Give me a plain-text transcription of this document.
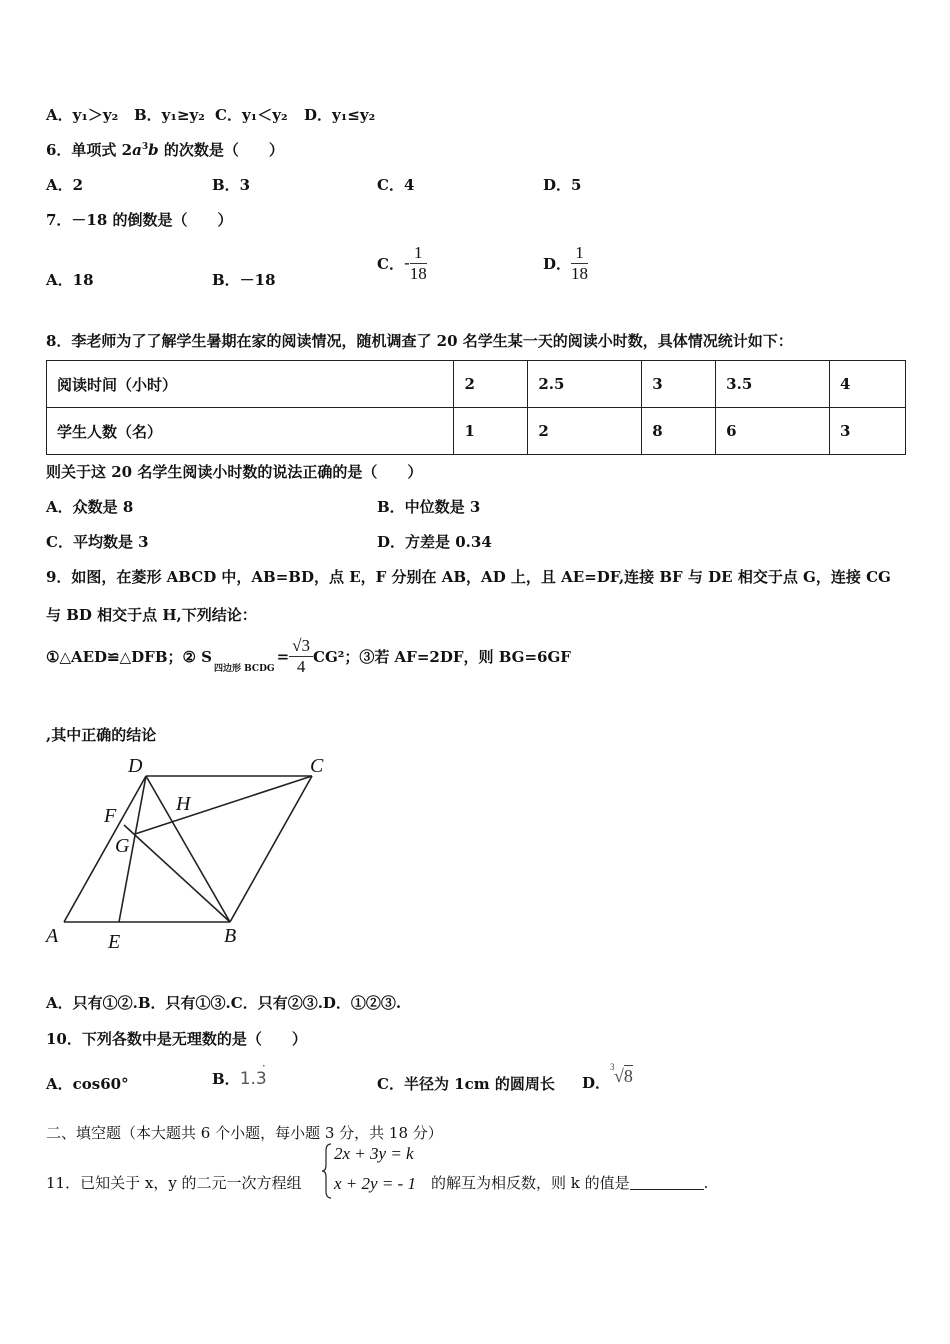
A．y₁＞y₂ B．y₁≥y₂ C．y₁＜y₂ D．y₁≤y₂
6．单项式 $2a^3b$ 的次数是（　　）
A．2	B．3	C．4	D．5
7．－18 的倒数是（　　）
A．18	B．－18
C．- $\frac{1}{18}$	D． $\frac{1}{18}$
8．李老师为了了解学生暑期在家的阅读情况，随机调查了 20 名学生某一天的阅读小时数，具体情况统计如下：
阅读时间（小时）	2	2.5	3	3.5	4
学生人数（名）	1	2	8	6	3
则关于这 20 名学生阅读小时数的说法正确的是（　　）
A．众数是 8	B．中位数是 3
C．平均数是 3	D．方差是 0.34
9．如图，在菱形 ABCD 中，AB=BD，点 E，F 分别在 AB，AD 上，且 AE=DF,连接 BF 与 DE 相交于点 G，连接 CG
与 BD 相交于点 H,下列结论：
①△AED≌△DFB；② $S_{四边形 BCDG}= \frac{√3}{4} CG^2$；③若 AF=2DF，则 BG=6GF
,其中正确的结论
A	B
C
D
E
F
G
H
A．只有①②.B．只有①③.C．只有②③.D．①②③.
10．下列各数中是无理数的是（　　）
A．cos60°	B．1.3
·
C．半径为 1cm 的圆周长 D．
3 √8
二、填空题（本大题共 6 个小题，每小题 3 分，共 18 分）
11．已知关于 x，y 的二元一次方程组
2x + 3y = k
x + 2y = - 1 的解互为相反数，则 k 的值是	.
